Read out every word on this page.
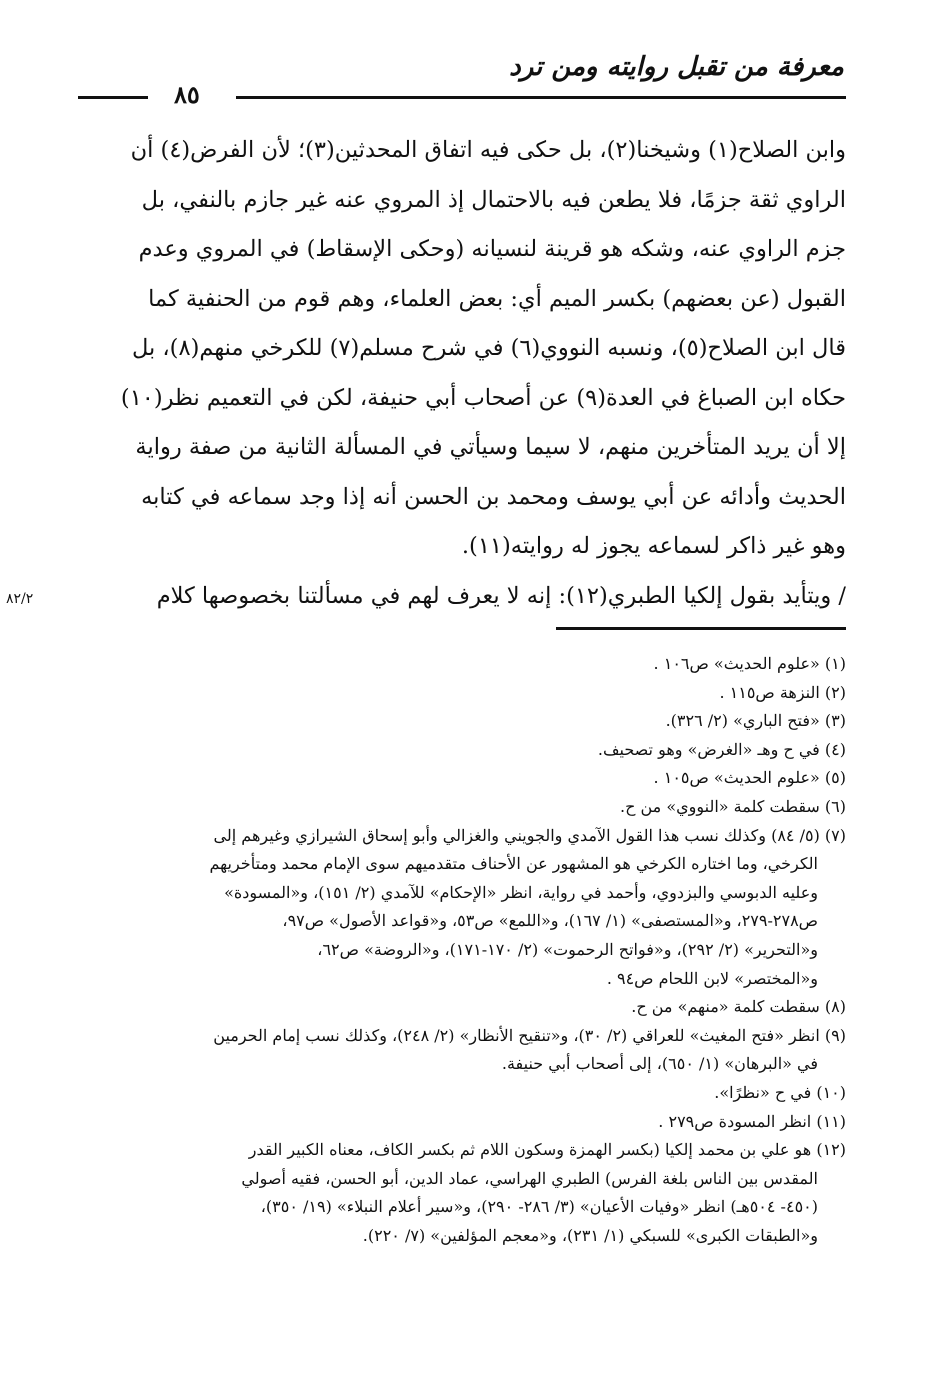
معرفة من تقبل روايته ومن ترد
٨٥
وابن الصلاح(١) وشيخنا(٢)، بل حكى فيه اتفاق المحدثين(٣)؛ لأن الفرض(٤) أن
الراوي ثقة جزمًا، فلا يطعن فيه بالاحتمال إذ المروي عنه غير جازم بالنفي، بل
جزم الراوي عنه، وشكه هو قرينة لنسيانه (وحكى الإسقاط) في المروي وعدم
القبول (عن بعضهم) بكسر الميم أي: بعض العلماء، وهم قوم من الحنفية كما
قال ابن الصلاح(٥)، ونسبه النووي(٦) في شرح مسلم(٧) للكرخي منهم(٨)، بل
حكاه ابن الصباغ في العدة(٩) عن أصحاب أبي حنيفة، لكن في التعميم نظر(١٠)
إلا أن يريد المتأخرين منهم، لا سيما وسيأتي في المسألة الثانية من صفة رواية
الحديث وأدائه عن أبي يوسف ومحمد بن الحسن أنه إذا وجد سماعه في كتابه
وهو غير ذاكر لسماعه يجوز له روايته(١١).
/ ويتأيد بقول إلكيا الطبري(١٢): إنه لا يعرف لهم في مسألتنا بخصوصها كلام
٨٢/٢
(١) «علوم الحديث» ص١٠٦ .
(٢) النزهة ص١١٥ .
(٣) «فتح الباري» (٢/ ٣٢٦).
(٤) في ح وهـ «الغرض» وهو تصحيف.
(٥) «علوم الحديث» ص١٠٥ .
(٦) سقطت كلمة «النووي» من ح.
(٧) (٥/ ٨٤) وكذلك نسب هذا القول الآمدي والجويني والغزالي وأبو إسحاق الشيرازي وغيرهم إلى
الكرخي، وما اختاره الكرخي هو المشهور عن الأحناف متقدميهم سوى الإمام محمد ومتأخريهم
وعليه الدبوسي والبزدوي، وأحمد في رواية، انظر «الإحكام» للآمدي (٢/ ١٥١)، و«المسودة»
ص٢٧٨-٢٧٩، و«المستصفى» (١/ ١٦٧)، و«اللمع» ص٥٣، و«قواعد الأصول» ص٩٧،
و«التحرير» (٢/ ٢٩٢)، و«فواتح الرحموت» (٢/ ١٧٠-١٧١)، و«الروضة» ص٦٢،
و«المختصر» لابن اللحام ص٩٤ .
(٨) سقطت كلمة «منهم» من ح.
(٩) انظر «فتح المغيث» للعراقي (٢/ ٣٠)، و«تنقيح الأنظار» (٢/ ٢٤٨)، وكذلك نسب إمام الحرمين
في «البرهان» (١/ ٦٥٠)، إلى أصحاب أبي حنيفة.
(١٠) في ح «نظرًا».
(١١) انظر المسودة ص٢٧٩ .
(١٢) هو علي بن محمد إلكيا (بكسر الهمزة وسكون اللام ثم بكسر الكاف، معناه الكبير القدر
المقدس بين الناس بلغة الفرس) الطبري الهراسي، عماد الدين، أبو الحسن، فقيه أصولي
(٤٥٠- ٥٠٤هـ) انظر «وفيات الأعيان» (٣/ ٢٨٦- ٢٩٠)، و«سير أعلام النبلاء» (١٩/ ٣٥٠)،
و«الطبقات الكبرى» للسبكي (١/ ٢٣١)، و«معجم المؤلفين» (٧/ ٢٢٠).
